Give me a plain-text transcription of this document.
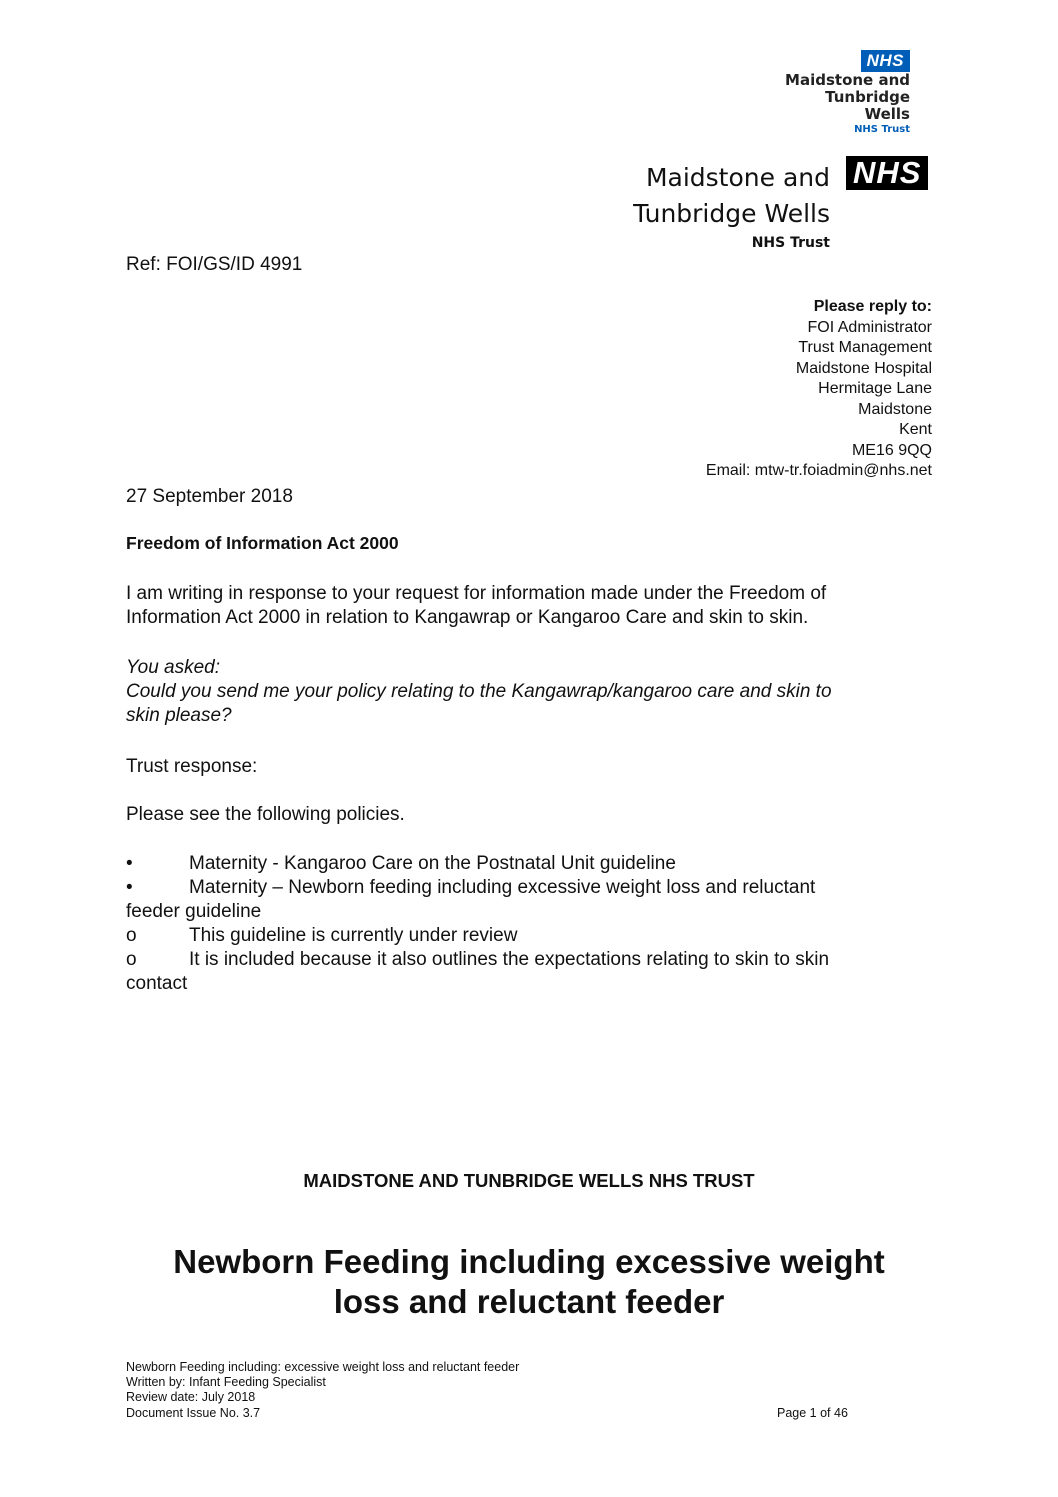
NHS
Maidstone and
Tunbridge Wells
NHS Trust
Maidstone and
Tunbridge Wells
NHS Trust
NHS
Ref: FOI/GS/ID 4991
Please reply to:
FOI Administrator
Trust Management
Maidstone Hospital
Hermitage Lane
Maidstone
Kent
ME16 9QQ
Email: mtw-tr.foiadmin@nhs.net
27 September 2018
Freedom of Information Act 2000
I am writing in response to your request for information made under the Freedom of
Information Act 2000 in relation to Kangawrap or Kangaroo Care and skin to skin.
You asked:
Could you send me your policy relating to the Kangawrap/kangaroo care and skin to
skin please?
Trust response:
Please see the following policies.
•	Maternity - Kangaroo Care on the Postnatal Unit guideline
•	Maternity – Newborn feeding including excessive weight loss and reluctant
feeder guideline
o	This guideline is currently under review
o	It is included because it also outlines the expectations relating to skin to skin
contact
MAIDSTONE AND TUNBRIDGE WELLS NHS TRUST
Newborn Feeding including excessive weight
loss and reluctant feeder
Newborn Feeding including: excessive weight loss and reluctant feeder
Written by: Infant Feeding Specialist
Review date: July 2018
Document Issue No. 3.7	Page 1 of 46
